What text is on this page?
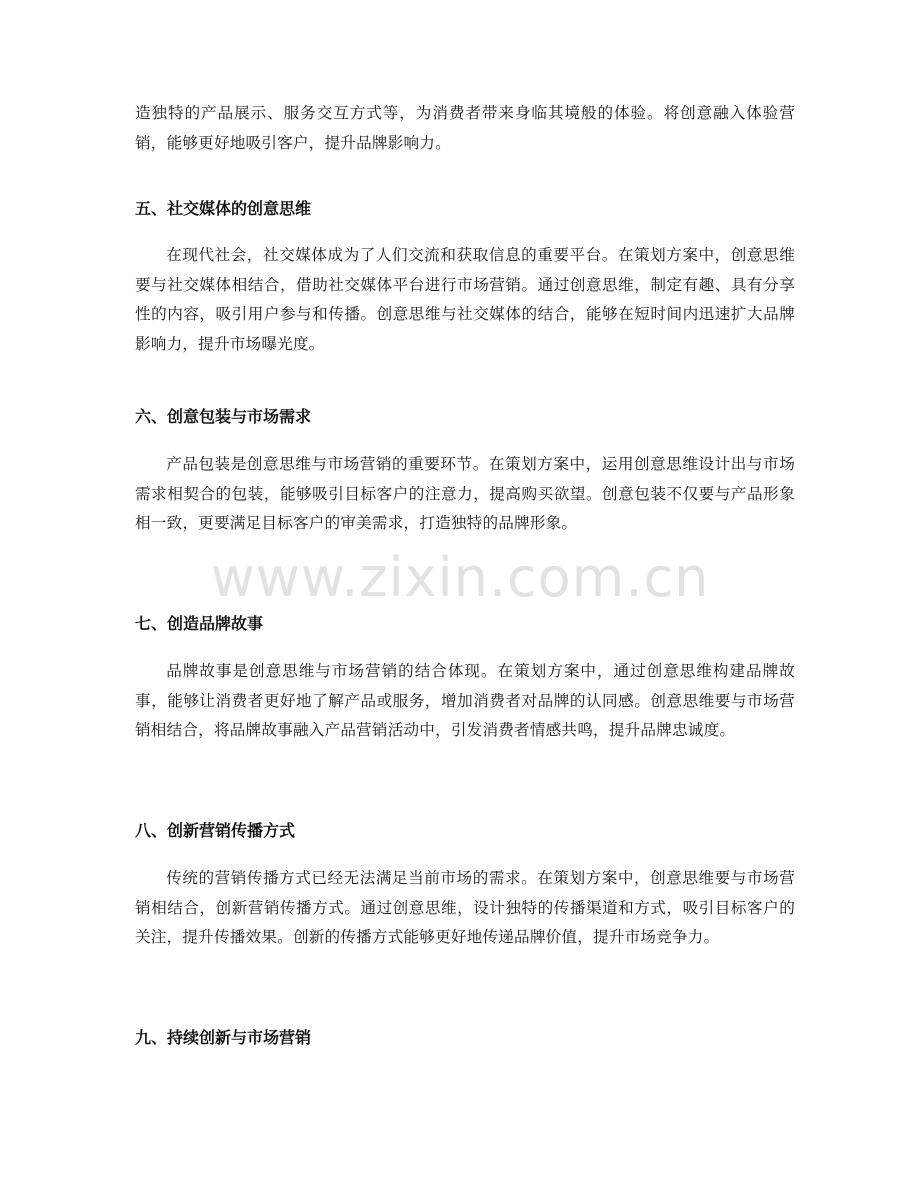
造独特的产品展示、服务交互方式等，为消费者带来身临其境般的体验。将创意融入体验营销，能够更好地吸引客户，提升品牌影响力。

五、社交媒体的创意思维

在现代社会，社交媒体成为了人们交流和获取信息的重要平台。在策划方案中，创意思维要与社交媒体相结合，借助社交媒体平台进行市场营销。通过创意思维，制定有趣、具有分享性的内容，吸引用户参与和传播。创意思维与社交媒体的结合，能够在短时间内迅速扩大品牌影响力，提升市场曝光度。

六、创意包装与市场需求

产品包装是创意思维与市场营销的重要环节。在策划方案中，运用创意思维设计出与市场需求相契合的包装，能够吸引目标客户的注意力，提高购买欲望。创意包装不仅要与产品形象相一致，更要满足目标客户的审美需求，打造独特的品牌形象。

七、创造品牌故事

品牌故事是创意思维与市场营销的结合体现。在策划方案中，通过创意思维构建品牌故事，能够让消费者更好地了解产品或服务，增加消费者对品牌的认同感。创意思维要与市场营销相结合，将品牌故事融入产品营销活动中，引发消费者情感共鸣，提升品牌忠诚度。

八、创新营销传播方式

传统的营销传播方式已经无法满足当前市场的需求。在策划方案中，创意思维要与市场营销相结合，创新营销传播方式。通过创意思维，设计独特的传播渠道和方式，吸引目标客户的关注，提升传播效果。创新的传播方式能够更好地传递品牌价值，提升市场竞争力。

九、持续创新与市场营销
www.zixin.com.cn
